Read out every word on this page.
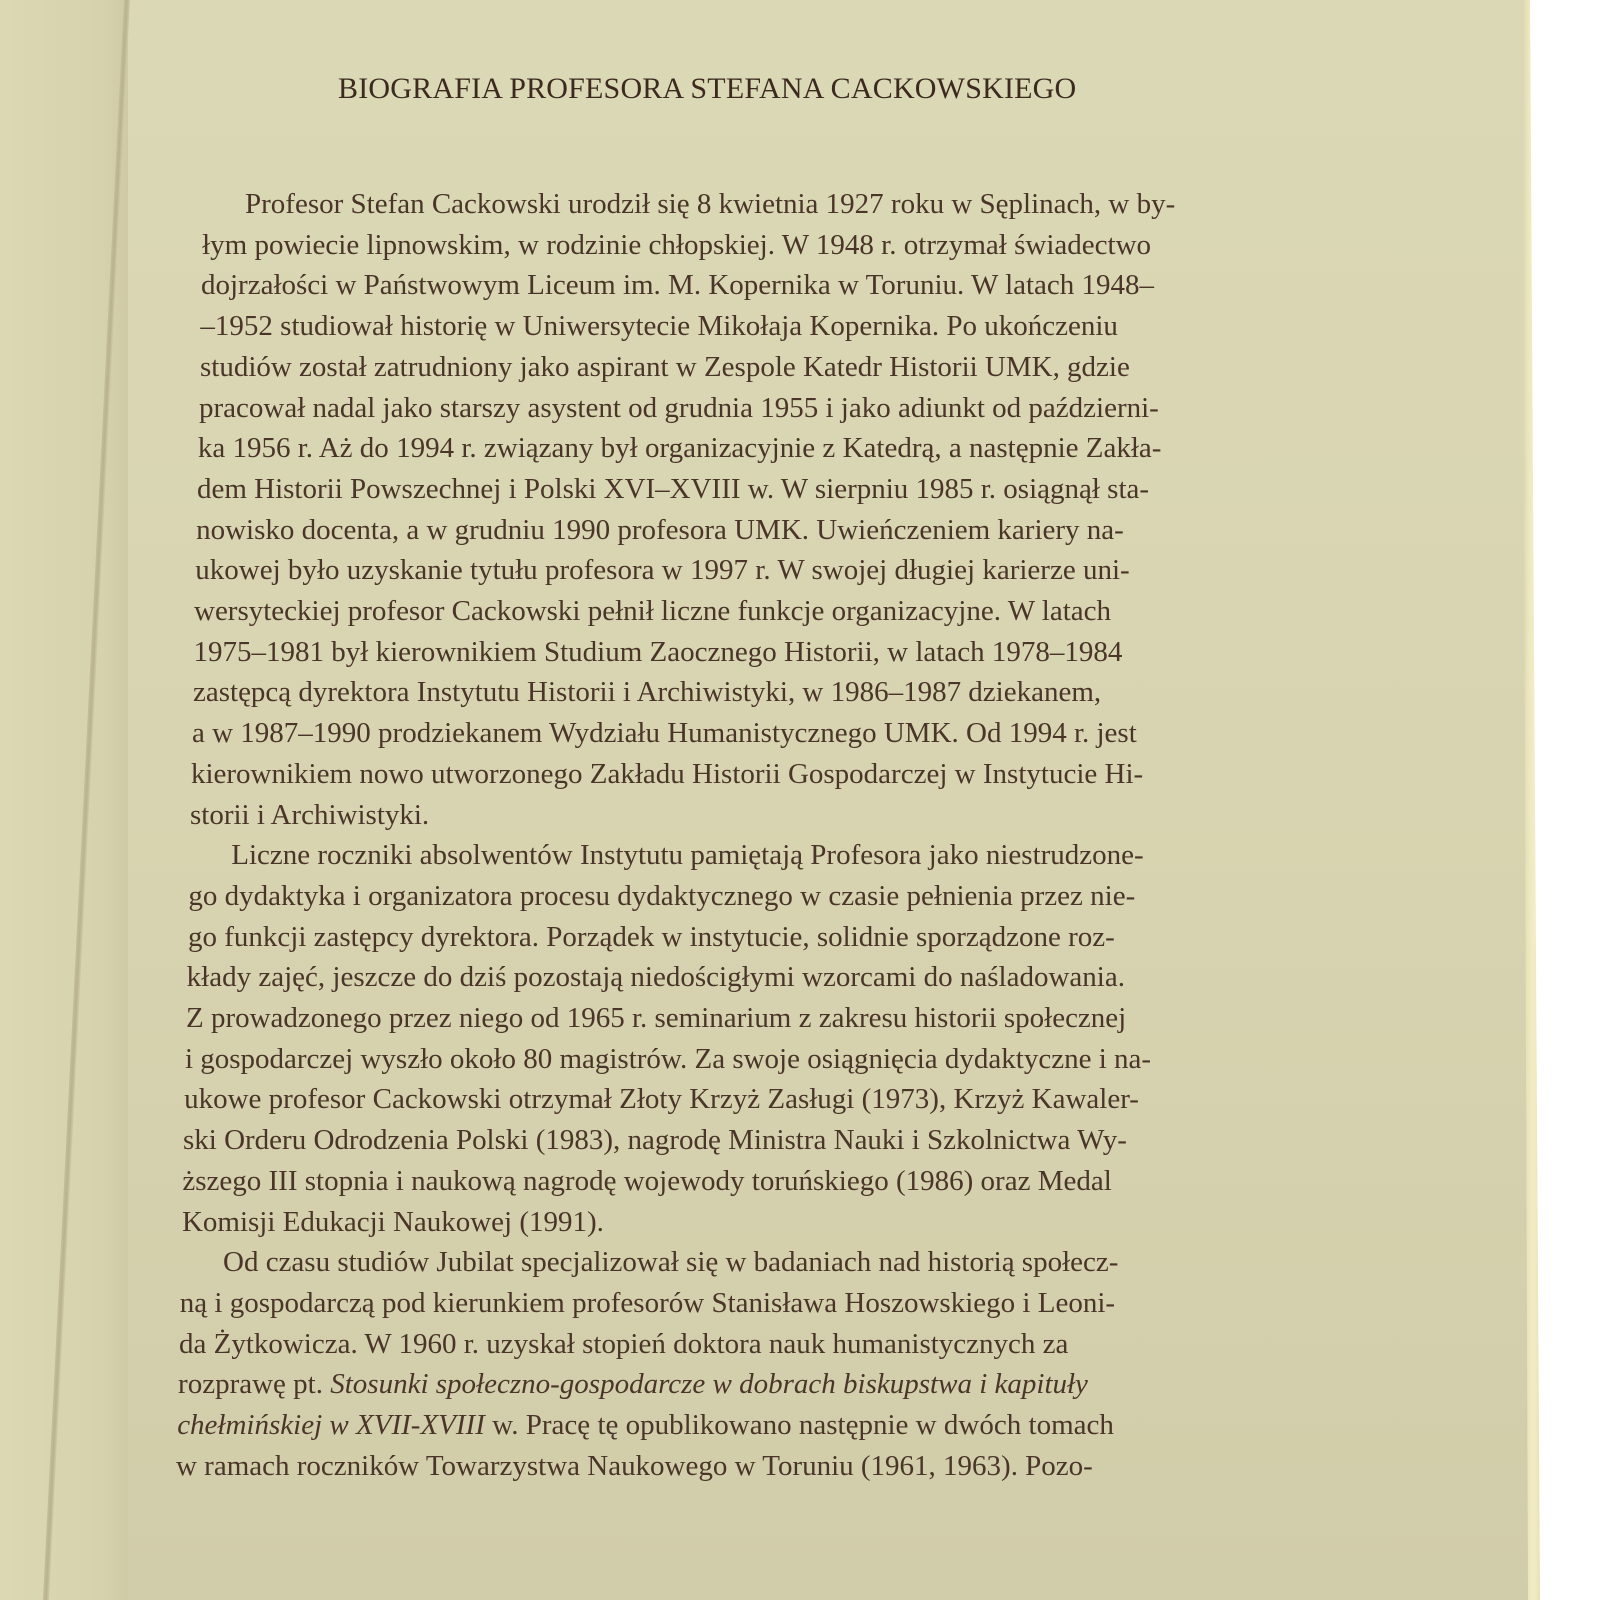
BIOGRAFIA PROFESORA STEFANA CACKOWSKIEGO
Profesor Stefan Cackowski urodził się 8 kwietnia 1927 roku w Sęplinach, w by-
łym powiecie lipnowskim, w rodzinie chłopskiej. W 1948 r. otrzymał świadectwo
dojrzałości w Państwowym Liceum im. M. Kopernika w Toruniu. W latach 1948–
–1952 studiował historię w Uniwersytecie Mikołaja Kopernika. Po ukończeniu
studiów został zatrudniony jako aspirant w Zespole Katedr Historii UMK, gdzie
pracował nadal jako starszy asystent od grudnia 1955 i jako adiunkt od październi-
ka 1956 r. Aż do 1994 r. związany był organizacyjnie z Katedrą, a następnie Zakła-
dem Historii Powszechnej i Polski XVI–XVIII w. W sierpniu 1985 r. osiągnął sta-
nowisko docenta, a w grudniu 1990 profesora UMK. Uwieńczeniem kariery na-
ukowej było uzyskanie tytułu profesora w 1997 r. W swojej długiej karierze uni-
wersyteckiej profesor Cackowski pełnił liczne funkcje organizacyjne. W latach
1975–1981 był kierownikiem Studium Zaocznego Historii, w latach 1978–1984
zastępcą dyrektora Instytutu Historii i Archiwistyki, w 1986–1987 dziekanem,
a w 1987–1990 prodziekanem Wydziału Humanistycznego UMK. Od 1994 r. jest
kierownikiem nowo utworzonego Zakładu Historii Gospodarczej w Instytucie Hi-
storii i Archiwistyki.
Liczne roczniki absolwentów Instytutu pamiętają Profesora jako niestrudzone-
go dydaktyka i organizatora procesu dydaktycznego w czasie pełnienia przez nie-
go funkcji zastępcy dyrektora. Porządek w instytucie, solidnie sporządzone roz-
kłady zajęć, jeszcze do dziś pozostają niedościgłymi wzorcami do naśladowania.
Z prowadzonego przez niego od 1965 r. seminarium z zakresu historii społecznej
i gospodarczej wyszło około 80 magistrów. Za swoje osiągnięcia dydaktyczne i na-
ukowe profesor Cackowski otrzymał Złoty Krzyż Zasługi (1973), Krzyż Kawaler-
ski Orderu Odrodzenia Polski (1983), nagrodę Ministra Nauki i Szkolnictwa Wy-
ższego III stopnia i naukową nagrodę wojewody toruńskiego (1986) oraz Medal
Komisji Edukacji Naukowej (1991).
Od czasu studiów Jubilat specjalizował się w badaniach nad historią społecz-
ną i gospodarczą pod kierunkiem profesorów Stanisława Hoszowskiego i Leoni-
da Żytkowicza. W 1960 r. uzyskał stopień doktora nauk humanistycznych za
rozprawę pt. Stosunki społeczno-gospodarcze w dobrach biskupstwa i kapituły
chełmińskiej w XVII-XVIII w. Pracę tę opublikowano następnie w dwóch tomach
w ramach roczników Towarzystwa Naukowego w Toruniu (1961, 1963). Pozo-
